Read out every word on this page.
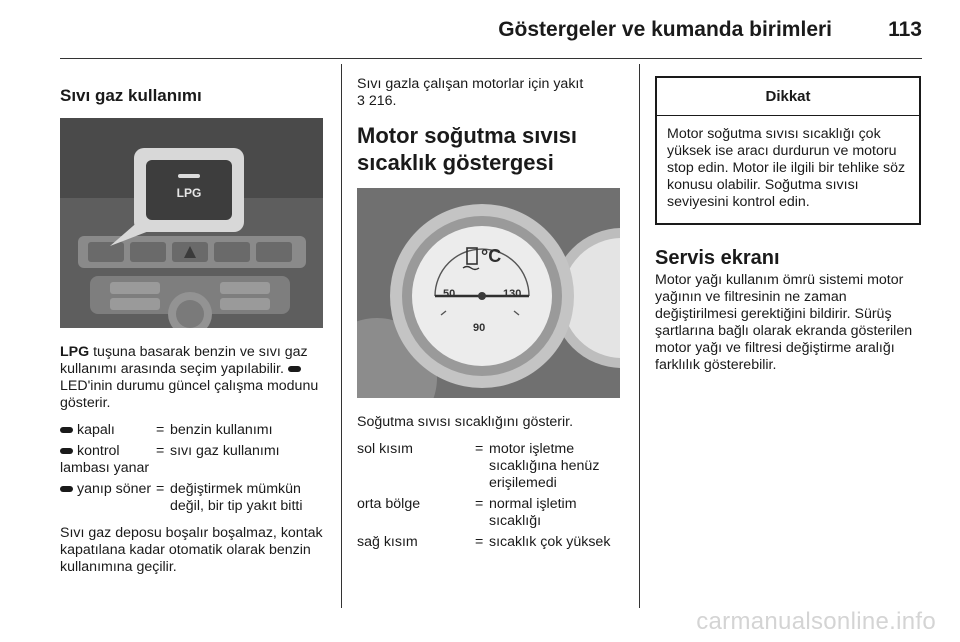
Göstergeler ve kumanda birimleri	113
Sıvı gaz kullanımı
LPG

LPG tuşuna basarak benzin ve sıvı gaz kullanımı arasında seçim yapılabilir.  LED'inin durumu güncel çalışma modunu gösterir.

kapalı	= benzin kullanımı
kontrol lambası yanar
= sıvı gaz kullanımı
yanıp söner = değiştirmek mümkün değil, bir tip yakıt bitti

Sıvı gaz deposu boşalır boşalmaz, kontak kapatılana kadar otomatik olarak benzin kullanımına geçilir.

Sıvı gazla çalışan motorlar için yakıt
3 216.

Motor soğutma sıvısı sıcaklık göstergesi
°C
50
90
130

Soğutma sıvısı sıcaklığını gösterir.

sol kısım	= motor işletme sıcaklığına henüz erişilemedi
orta bölge	= normal işletim sıcaklığı
sağ kısım	= sıcaklık çok yüksek
Dikkat
Motor soğutma sıvısı sıcaklığı çok yüksek ise aracı durdurun ve motoru stop edin. Motor ile ilgili bir tehlike söz konusu olabilir. Soğutma sıvısı seviyesini kontrol edin.
Servis ekranı

Motor yağı kullanım ömrü sistemi motor yağının ve filtresinin ne zaman değiştirilmesi gerektiğini bildirir. Sürüş şartlarına bağlı olarak ekranda gösterilen motor yağı ve filtresi değiştirme aralığı farklılık gösterebilir.

carmanualsonline.info
